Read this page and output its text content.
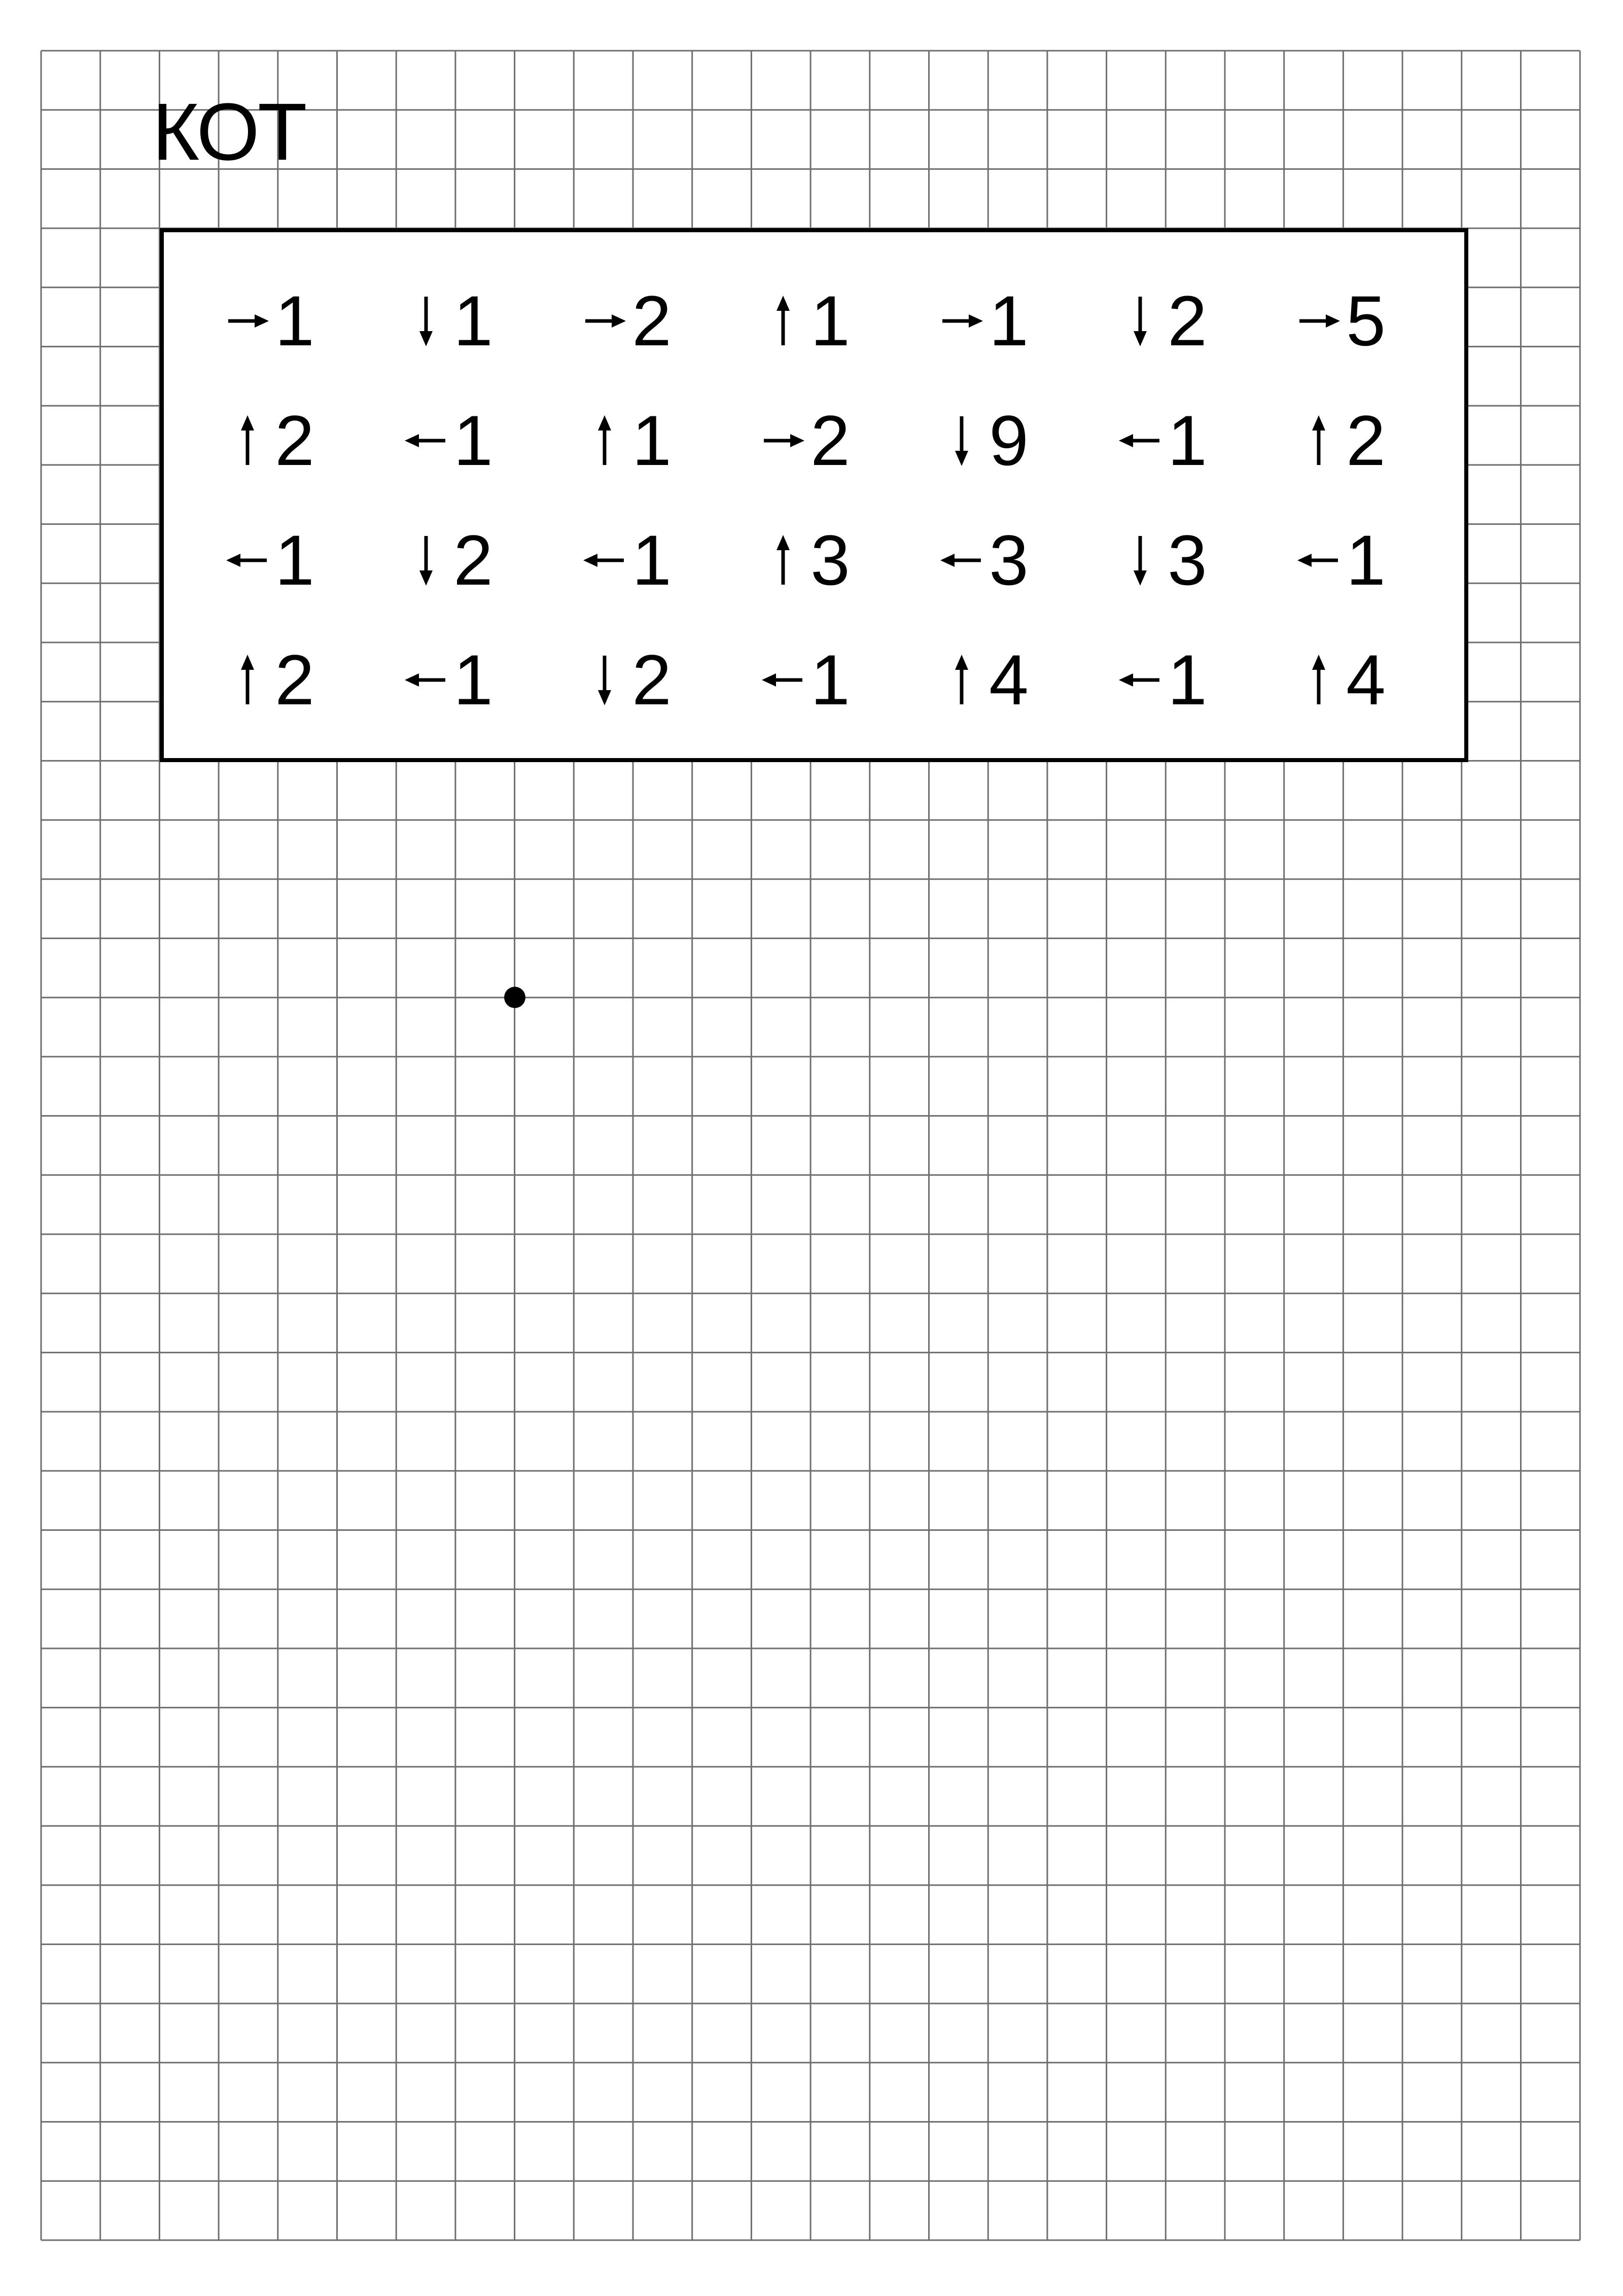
КОТ
1 1 2 1 1 2 5
2 1 1 2 9 1 2
1 2 1 3 3 3 1
2 1 2 1 4 1 4
